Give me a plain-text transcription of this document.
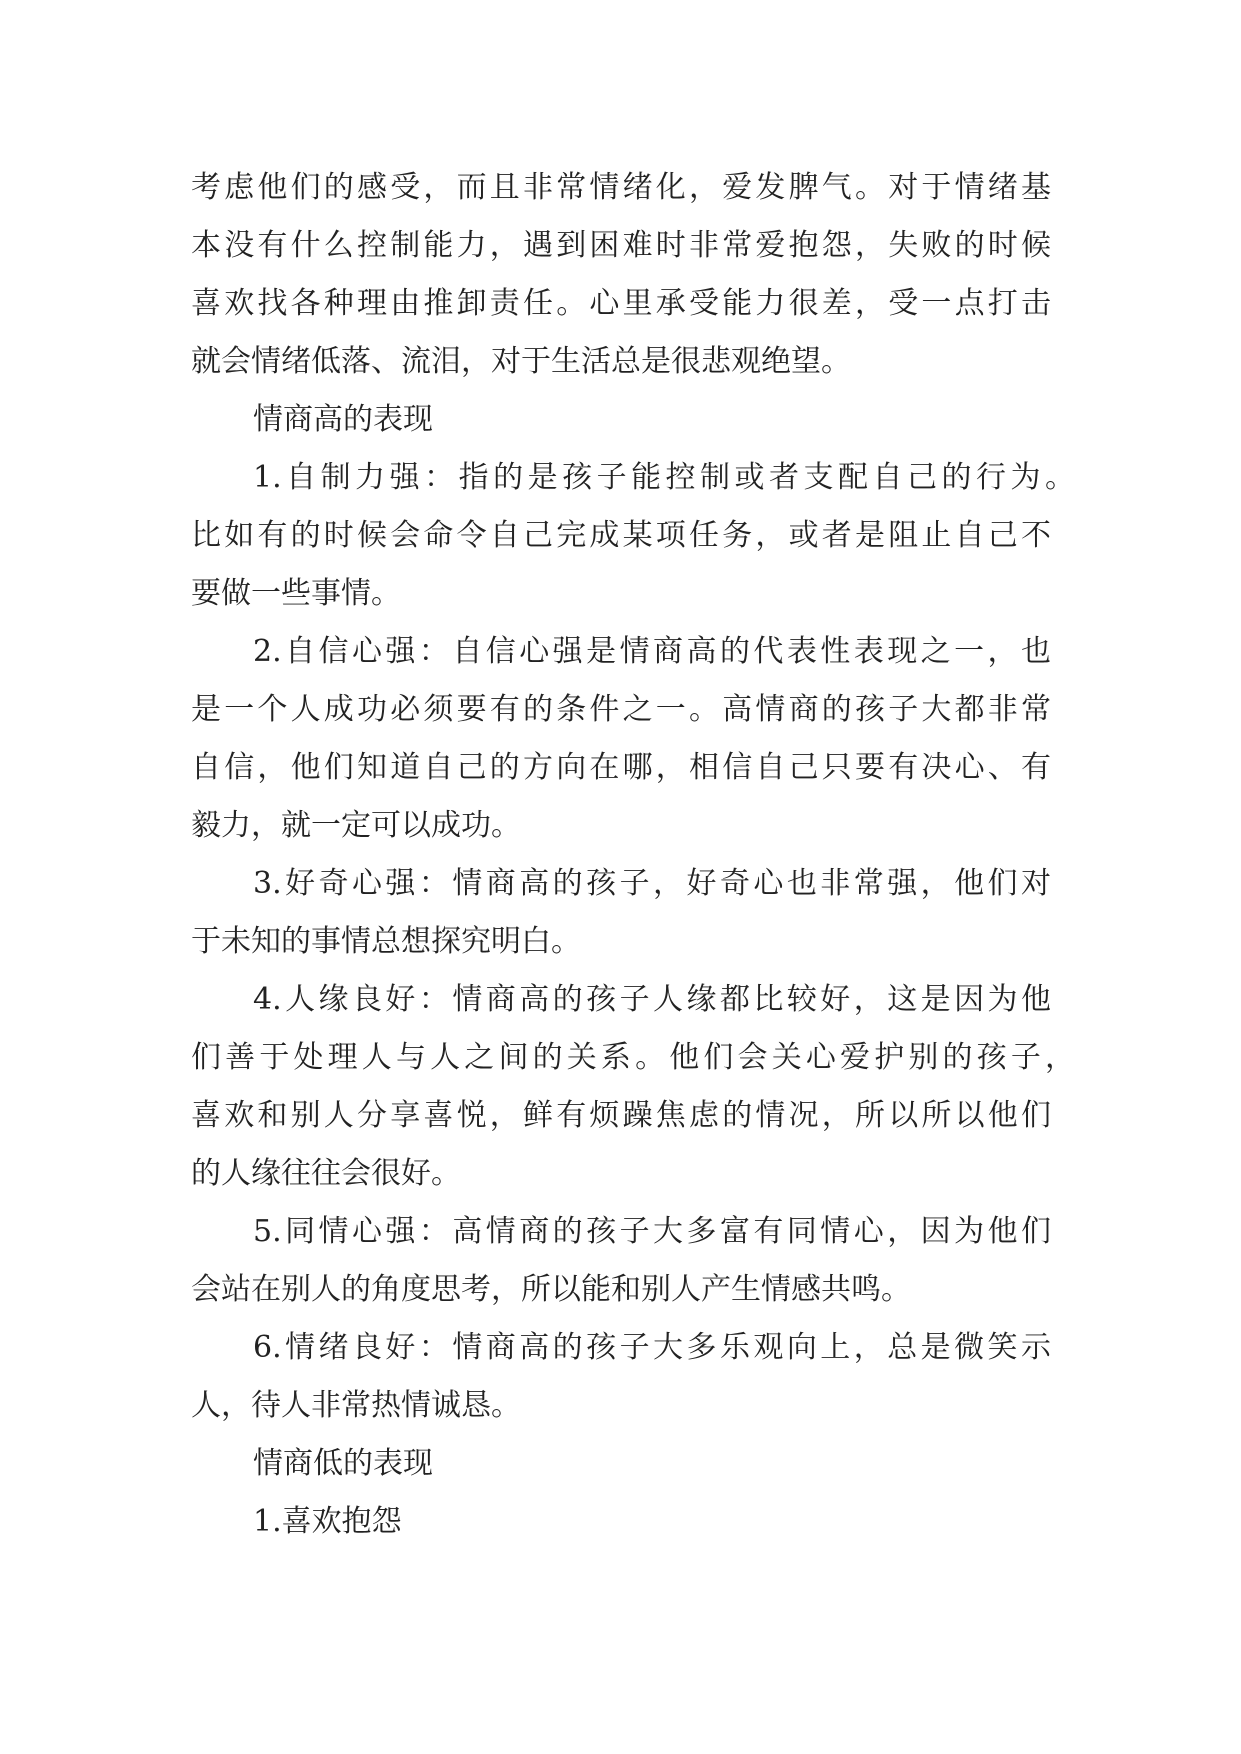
考虑他们的感受，而且非常情绪化，爱发脾气。对于情绪基
本没有什么控制能力，遇到困难时非常爱抱怨，失败的时候
喜欢找各种理由推卸责任。心里承受能力很差，受一点打击
就会情绪低落、流泪，对于生活总是很悲观绝望。
情商高的表现
1.自制力强：指的是孩子能控制或者支配自己的行为。
比如有的时候会命令自己完成某项任务，或者是阻止自己不
要做一些事情。
2.自信心强：自信心强是情商高的代表性表现之一，也
是一个人成功必须要有的条件之一。高情商的孩子大都非常
自信，他们知道自己的方向在哪，相信自己只要有决心、有
毅力，就一定可以成功。
3.好奇心强：情商高的孩子，好奇心也非常强，他们对
于未知的事情总想探究明白。
4.人缘良好：情商高的孩子人缘都比较好，这是因为他
们善于处理人与人之间的关系。他们会关心爱护别的孩子，
喜欢和别人分享喜悦，鲜有烦躁焦虑的情况，所以所以他们
的人缘往往会很好。
5.同情心强：高情商的孩子大多富有同情心，因为他们
会站在别人的角度思考，所以能和别人产生情感共鸣。
6.情绪良好：情商高的孩子大多乐观向上，总是微笑示
人，待人非常热情诚恳。
情商低的表现
1.喜欢抱怨
